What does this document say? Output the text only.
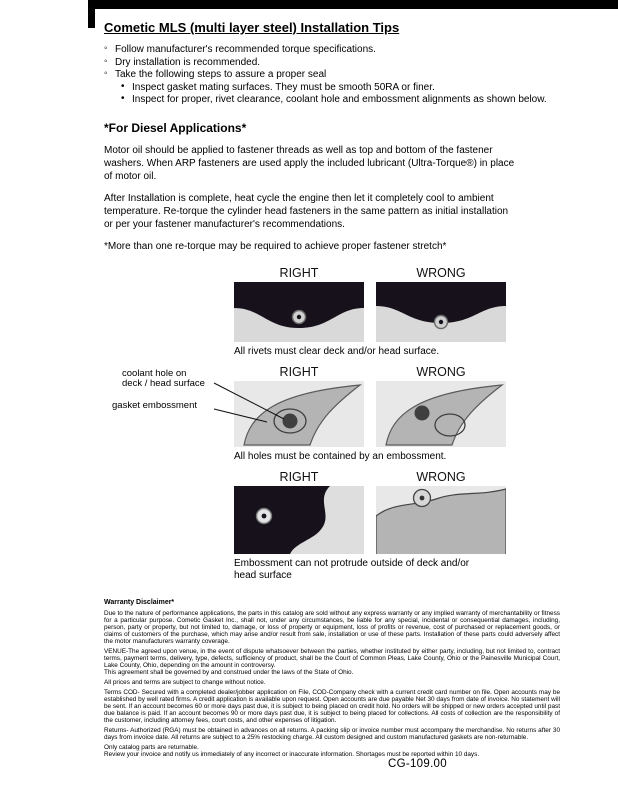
Cometic MLS (multi layer steel) Installation Tips
◦ Follow manufacturer's recommended torque specifications.
◦ Dry installation is recommended.
◦ Take the following steps to assure a proper seal
• Inspect gasket mating surfaces. They must be smooth 50RA or finer.
• Inspect for proper, rivet clearance, coolant hole and embossment alignments as shown below.
*For Diesel Applications*

Motor oil should be applied to fastener threads as well as top and bottom of the fastener washers. When ARP fasteners are used apply the included lubricant (Ultra-Torque®) in place of motor oil.

After Installation is complete, heat cycle the engine then let it completely cool to ambient temperature. Re-torque the cylinder head fasteners in the same pattern as initial installation or per your fastener manufacturer's recommendations.

*More than one re-torque may be required to achieve proper fastener stretch*

RIGHT	WRONG
All rivets must clear deck and/or head surface.
RIGHT	WRONG
coolant hole on
deck / head surface
gasket embossment
All holes must be contained by an embossment.
RIGHT	WRONG
Embossment can not protrude outside of deck and/or head surface
Warranty Disclaimer*

Due to the nature of performance applications, the parts in this catalog are sold without any express warranty or any implied warranty of merchantability or fitness for a particular purpose. Cometic Gasket Inc., shall not, under any circumstances, be liable for any special, incidental or consequential damages, including, person, party or property, but not limited to, damage, or loss of property or equipment, loss of profits or revenue, cost of purchased or replacement goods, or claims of customers of the purchase, which may arise and/or result from sale, installation or use of these parts. Installation of these parts could adversely affect the motor manufacturers warranty coverage.

VENUE-The agreed upon venue, in the event of dispute whatsoever between the parties, whether instituted by either party, including, but not limited to, contract terms, payment terms, delivery, type, defects, sufficiency of product, shall be the Court of Common Pleas, Lake County, Ohio or the Painesville Municipal Court, Lake County, Ohio, depending on the amount in controversy.

This agreement shall be governed by and construed under the laws of the State of Ohio.

All prices and terms are subject to change without notice.

Terms COD- Secured with a completed dealer/jobber application on File, COD-Company check with a current credit card number on file. Open accounts may be established by well rated firms. A credit application is available upon request. Open accounts are due payable Net 30 days from date of invoice. No statement will be sent. If an account becomes 60 or more days past due, it is subject to being placed on credit hold. No orders will be shipped or new orders accepted until past due balance is paid. If an account becomes 90 or more days past due, it is subject to being placed for collections. All costs of collection are the responsibility of the customer, including attorney fees, court costs, and other expenses of litigation.

Returns- Authorized (RGA) must be obtained in advances on all returns. A packing slip or invoice number must accompany the merchandise. No returns after 30 days from invoice date. All returns are subject to a 25% restocking charge. All custom designed and custom manufactured gaskets are non-returnable.

Only catalog parts are returnable.

Review your invoice and notify us immediately of any incorrect or inaccurate information. Shortages must be reported within 10 days.

CG-109.00
